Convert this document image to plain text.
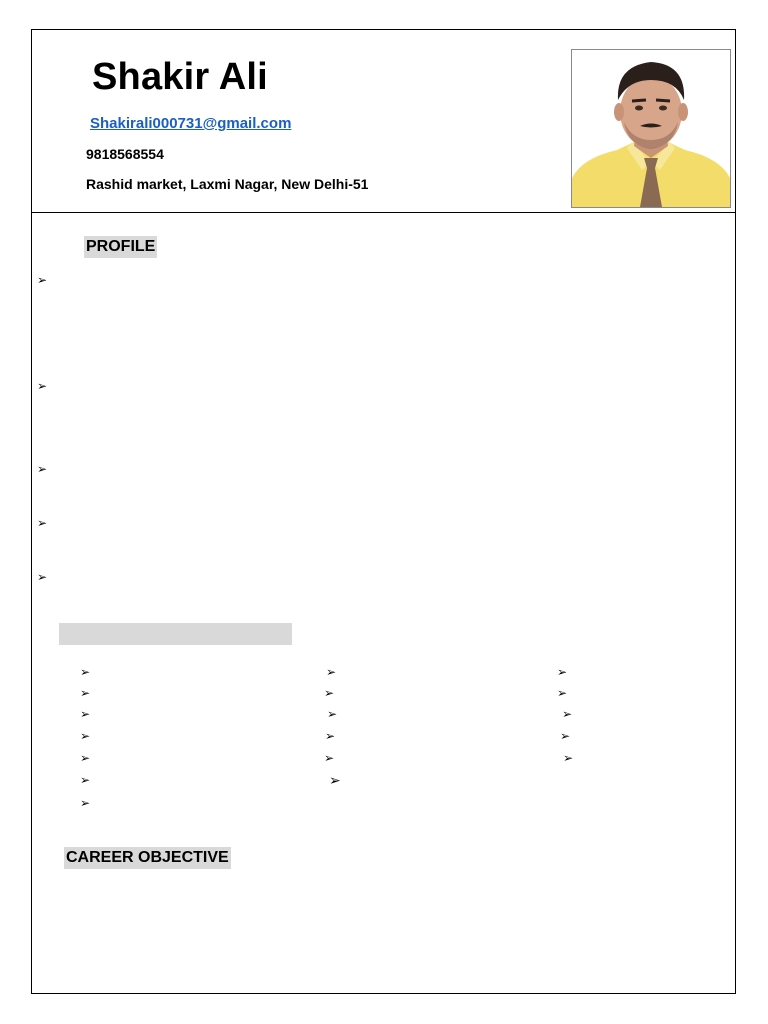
Shakir Ali
Shakirali000731@gmail.com
9818568554
Rashid market, Laxmi Nagar, New Delhi-51
PROFILE
➢
➢
➢
➢
➢
➢
➢
➢
➢
➢
➢
➢
➢
➢
➢
➢
➢
➢
➢
➢
➢
➢
➢
CAREER OBJECTIVE
